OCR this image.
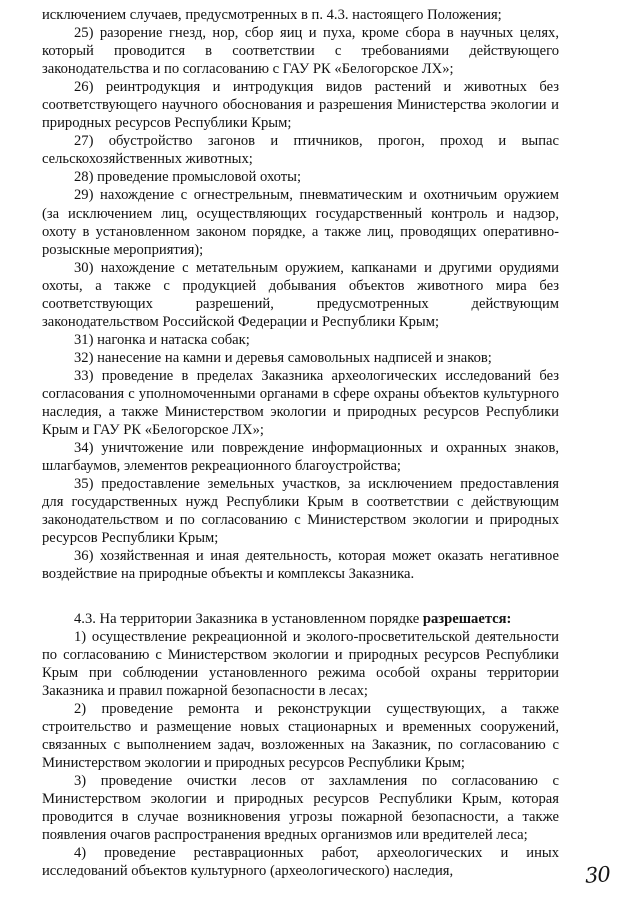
исключением случаев, предусмотренных в п. 4.3. настоящего Положения;

25) разорение гнезд, нор, сбор яиц и пуха, кроме сбора в научных целях, который проводится в соответствии с требованиями действующего законодательства и по согласованию с ГАУ РК «Белогорское ЛХ»;

26) реинтродукция и интродукция видов растений и животных без соответствующего научного обоснования и разрешения Министерства экологии и природных ресурсов Республики Крым;

27) обустройство загонов и птичников, прогон, проход и выпас сельскохозяйственных животных;

28) проведение промысловой охоты;

29) нахождение с огнестрельным, пневматическим и охотничьим оружием (за исключением лиц, осуществляющих государственный контроль и надзор, охоту в установленном законом порядке, а также лиц, проводящих оперативно-розыскные мероприятия);

30) нахождение с метательным оружием, капканами и другими орудиями охоты, а также с продукцией добывания объектов животного мира без соответствующих разрешений, предусмотренных действующим законодательством Российской Федерации и Республики Крым;

31) нагонка и натаска собак;

32) нанесение на камни и деревья самовольных надписей и знаков;

33) проведение в пределах Заказника археологических исследований без согласования с уполномоченными органами в сфере охраны объектов культурного наследия, а также Министерством экологии и природных ресурсов Республики Крым и ГАУ РК «Белогорское ЛХ»;

34) уничтожение или повреждение информационных и охранных знаков, шлагбаумов, элементов рекреационного благоустройства;

35) предоставление земельных участков, за исключением предоставления для государственных нужд Республики Крым в соответствии с действующим законодательством и по согласованию с Министерством экологии и природных ресурсов Республики Крым;

36) хозяйственная и иная деятельность, которая может оказать негативное воздействие на природные объекты и комплексы Заказника.

4.3. На территории Заказника в установленном порядке разрешается:

1) осуществление рекреационной и эколого-просветительской деятельности по согласованию с Министерством экологии и природных ресурсов Республики Крым при соблюдении установленного режима особой охраны территории Заказника и правил пожарной безопасности в лесах;

2) проведение ремонта и реконструкции существующих, а также строительство и размещение новых стационарных и временных сооружений, связанных с выполнением задач, возложенных на Заказник, по согласованию с Министерством экологии и природных ресурсов Республики Крым;

3) проведение очистки лесов от захламления по согласованию с Министерством экологии и природных ресурсов Республики Крым, которая проводится в случае возникновения угрозы пожарной безопасности, а также появления очагов распространения вредных организмов или вредителей леса;

4) проведение реставрационных работ, археологических и иных исследований объектов культурного (археологического) наследия,	30
